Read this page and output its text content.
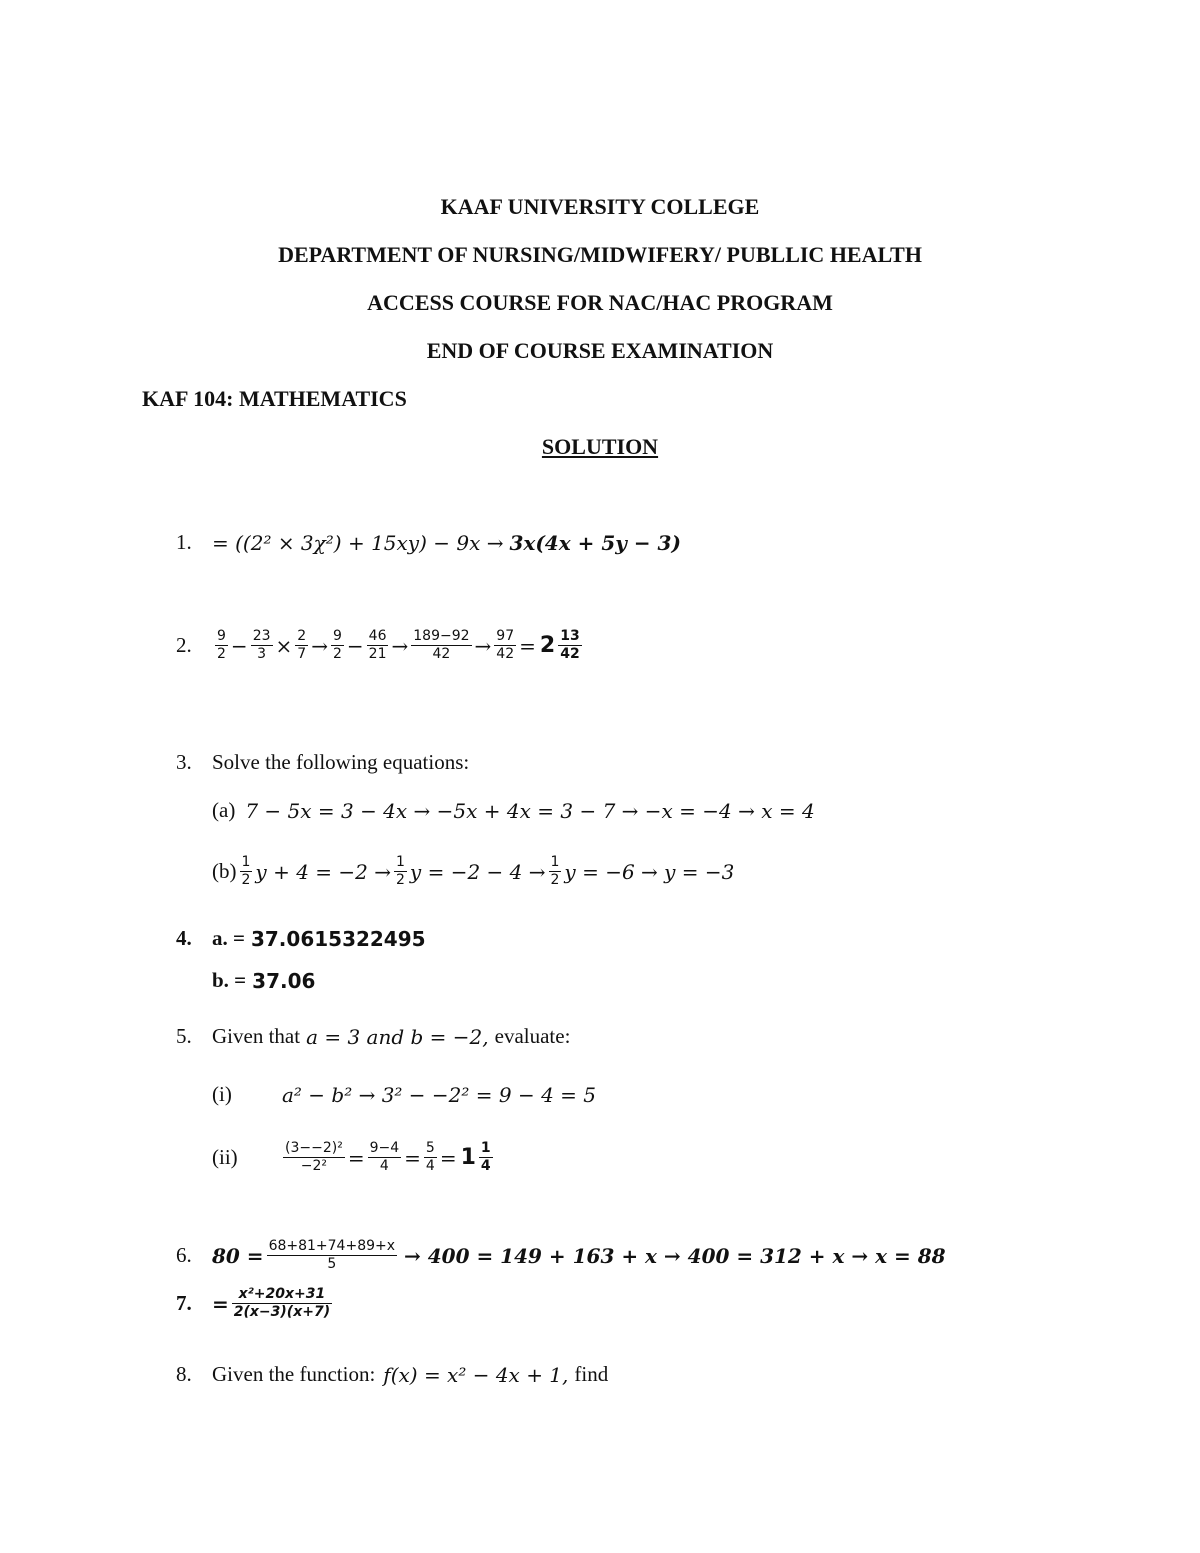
KAAF UNIVERSITY COLLEGE
DEPARTMENT OF NURSING/MIDWIFERY/ PUBLLIC HEALTH
ACCESS COURSE FOR NAC/HAC PROGRAM
END OF COURSE EXAMINATION
KAF 104: MATHEMATICS
SOLUTION
1.	= ((2² × 3χ²) + 15xy) − 9x → 3x(4x + 5y − 3)
2.	$\frac{9}{2} - \frac{23}{3} \times \frac{2}{7} \to \frac{9}{2} - \frac{46}{21} \to \frac{189-92}{42} \to \frac{97}{42} = 2 \frac{13}{42}$
3. Solve the following equations:
(a) 7 − 5x = 3 − 4x → −5x + 4x = 3 − 7 → −x = −4 → x = 4
$(b) \frac{1}{2}$ $y + 4 = -2 \to \frac{1}{2}$ $y = -2 - 4 \to \frac{1}{2}$ y = −6 → y = −3
4. a. = 37.0615322495
b. = 37.06
5. Given that a = 3 and b = −2, evaluate:
(i)	a² − b² → 3² − −2² = 9 − 4 = 5
(ii)	$\frac{\text{(3−−2)²}}{\text{−2²}} = \frac{9-4}{4} = \frac{5}{4} = 1 \frac{1}{4}$
6.	$80 = \frac{68+81+74+89+x}{5} \to 400 = 149 + 163 + x \to 400 = 312 + x \to x = 88$
7.	= $\frac{\text{x²+20x+31}}{2(x-3)(x+7)}$
8. Given the function: f(x) = x² − 4x + 1, find
